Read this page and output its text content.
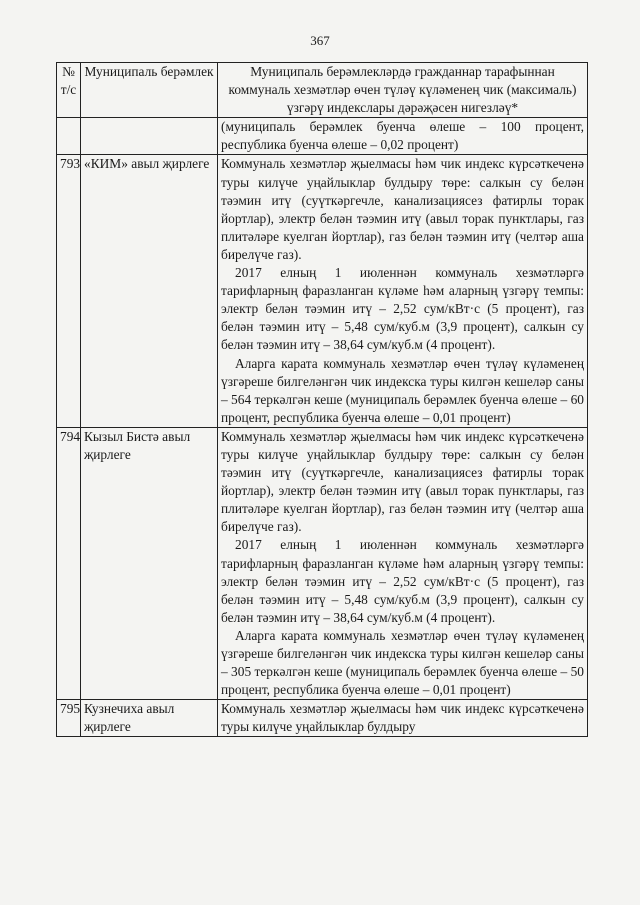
367
№ т/с	Муниципаль берәмлек	Муниципаль берәмлекләрдә гражданнар тарафыннан коммуналь хезмәтләр өчен түләү күләменең чик (максималь) үзгәрү индекслары дәрәҗәсен нигезләү*

		(муниципаль берәмлек буенча өлеше – 100 процент, республика буенча өлеше – 0,02 процент)

793	«КИМ» авыл җирлеге	Коммуналь хезмәтләр җыелмасы һәм чик индекс күрсәткеченә туры килүче уңайлыклар булдыру төре: салкын су белән тәэмин итү (суүткәргечле, канализациясез фатирлы торак йортлар), электр белән тәэмин итү (авыл торак пунктлары, газ плитәләре куелган йортлар), газ белән тәэмин итү (челтәр аша бирелүче газ).

2017 елның 1 июленнән коммуналь хезмәтләргә тарифларның фаразланган күләме һәм аларның үзгәрү темпы: электр белән тәэмин итү – 2,52 сум/кВт·с (5 процент), газ белән тәэмин итү – 5,48 сум/куб.м (3,9 процент), салкын су белән тәэмин итү – 38,64 сум/куб.м (4 процент).

Аларга карата коммуналь хезмәтләр өчен түләү күләменең үзгәреше билгеләнгән чик индекска туры килгән кешеләр саны – 564 теркәлгән кеше (муниципаль берәмлек буенча өлеше – 60 процент, республика буенча өлеше – 0,01 процент)

794	Кызыл Бистә авыл җирлеге	Коммуналь хезмәтләр җыелмасы һәм чик индекс күрсәткеченә туры килүче уңайлыклар булдыру төре: салкын су белән тәэмин итү (суүткәргечле, канализациясез фатирлы торак йортлар), электр белән тәэмин итү (авыл торак пунктлары, газ плитәләре куелган йортлар), газ белән тәэмин итү (челтәр аша бирелүче газ).

2017 елның 1 июленнән коммуналь хезмәтләргә тарифларның фаразланган күләме һәм аларның үзгәрү темпы: электр белән тәэмин итү – 2,52 сум/кВт·с (5 процент), газ белән тәэмин итү – 5,48 сум/куб.м (3,9 процент), салкын су белән тәэмин итү – 38,64 сум/куб.м (4 процент).

Аларга карата коммуналь хезмәтләр өчен түләү күләменең үзгәреше билгеләнгән чик индекска туры килгән кешеләр саны – 305 теркәлгән кеше (муниципаль берәмлек буенча өлеше – 50 процент, республика буенча өлеше – 0,01 процент)

795	Кузнечиха авыл җирлеге	Коммуналь хезмәтләр җыелмасы һәм чик индекс күрсәткеченә туры килүче уңайлыклар булдыру
